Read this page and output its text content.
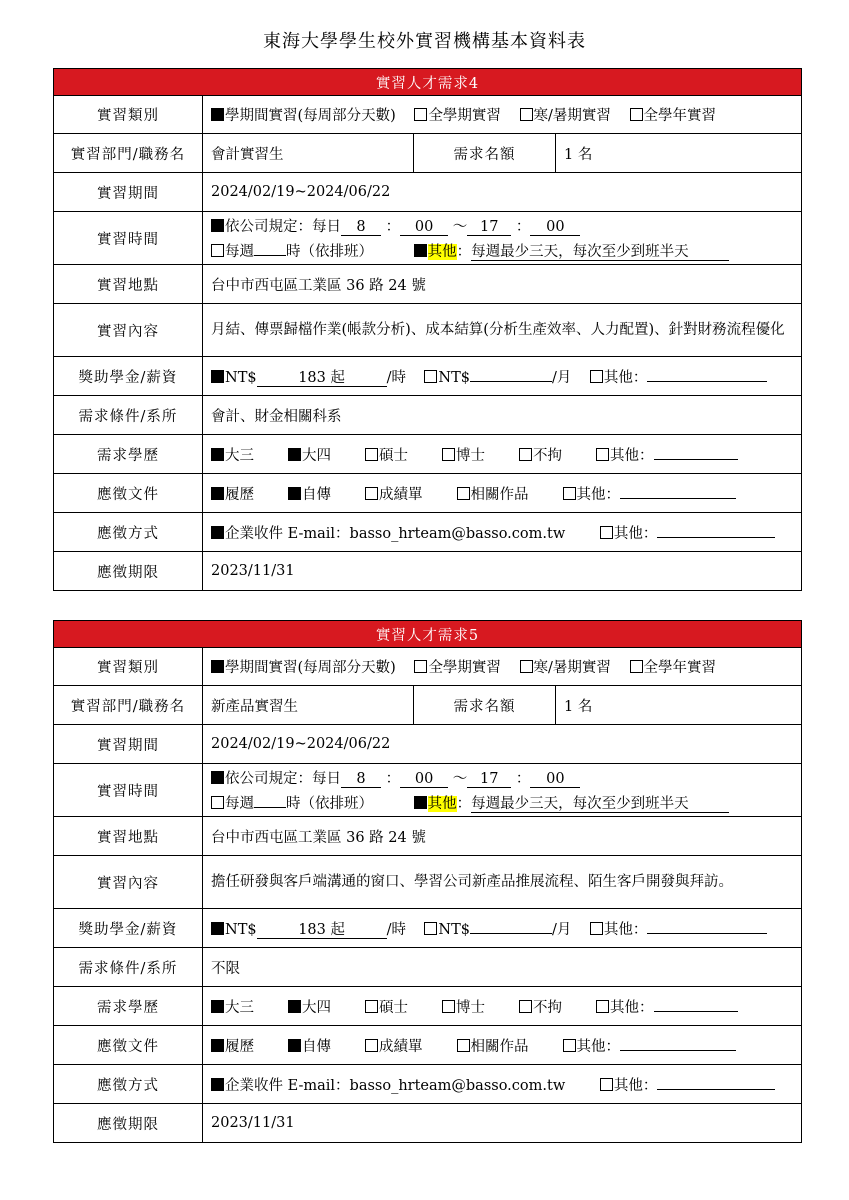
東海大學學生校外實習機構基本資料表
實習人才需求4			
實習類別	學期間實習(每周部分天數) 全學期實習 寒/暑期實習 全學年實習		
實習部門/職務名	會計實習生	需求名額	1 名
實習期間	2024/02/19~2024/06/22		
實習時間	依公司規定：每日 8 ： 00 ～ 17 ： 00
每週 時（依排班） 其他：每週最少三天，每次至少到班半天		

實習地點	台中市西屯區工業區 36 路 24 號		
實習內容	月結、傳票歸檔作業(帳款分析)、成本結算(分析生產效率、人力配置)、針對財務流程優化		
獎助學金/薪資	NT$ 183 起 /時 NT$ /月 其他：		
需求條件/系所	會計、財金相關科系		
需求學歷	大三 大四 碩士 博士 不拘 其他：		
應徵文件	履歷 自傳 成績單 相關作品 其他：		
應徵方式	企業收件 E-mail：basso_hrteam@basso.com.tw 其他：		
應徵期限	2023/11/31		
實習人才需求5			
實習類別	學期間實習(每周部分天數) 全學期實習 寒/暑期實習 全學年實習		
實習部門/職務名	新產品實習生	需求名額	1 名
實習期間	2024/02/19~2024/06/22		
實習時間	依公司規定：每日 8 ： 00 ～ 17 ： 00
每週 時（依排班） 其他：每週最少三天，每次至少到班半天		

實習地點	台中市西屯區工業區 36 路 24 號		
實習內容	擔任研發與客戶端溝通的窗口、學習公司新產品推展流程、陌生客戶開發與拜訪。		
獎助學金/薪資	NT$ 183 起 /時 NT$ /月 其他：		
需求條件/系所	不限		
需求學歷	大三 大四 碩士 博士 不拘 其他：		
應徵文件	履歷 自傳 成績單 相關作品 其他：		
應徵方式	企業收件 E-mail：basso_hrteam@basso.com.tw 其他：		
應徵期限	2023/11/31		
